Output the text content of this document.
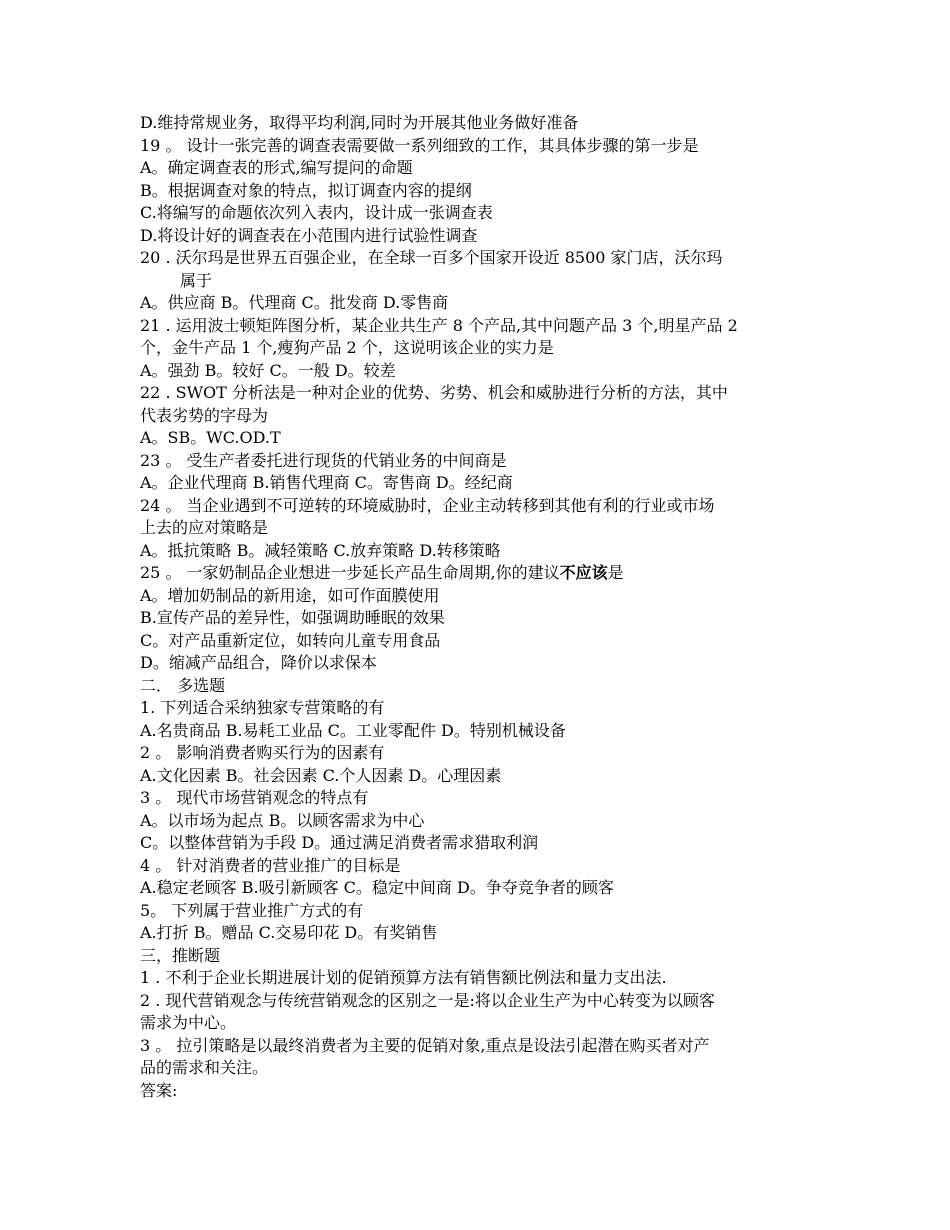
D.维持常规业务，取得平均利润,同时为开展其他业务做好准备
19 。 设计一张完善的调查表需要做一系列细致的工作，其具体步骤的第一步是
A。确定调查表的形式,编写提问的命题
B。根据调查对象的特点，拟订调查内容的提纲
C.将编写的命题依次列入表内，设计成一张调查表
D.将设计好的调查表在小范围内进行试验性调查
20 . 沃尔玛是世界五百强企业，在全球一百多个国家开设近 8500 家门店，沃尔玛
属于
A。供应商 B。代理商 C。批发商 D.零售商
21 . 运用波士顿矩阵图分析，某企业共生产 8 个产品,其中问题产品 3 个,明星产品 2
个，金牛产品 1 个,瘦狗产品 2 个，这说明该企业的实力是
A。强劲 B。较好 C。一般 D。较差
22 . SWOT 分析法是一种对企业的优势、劣势、机会和威胁进行分析的方法，其中
代表劣势的字母为
A。SB。WC.OD.T
23 。 受生产者委托进行现货的代销业务的中间商是
A。企业代理商 B.销售代理商 C。寄售商 D。经纪商
24 。 当企业遇到不可逆转的环境威胁时，企业主动转移到其他有利的行业或市场
上去的应对策略是
A。抵抗策略 B。减轻策略 C.放弃策略 D.转移策略
25 。 一家奶制品企业想进一步延长产品生命周期,你的建议不应该是
A。增加奶制品的新用途，如可作面膜使用
B.宣传产品的差异性，如强调助睡眠的效果
C。对产品重新定位，如转向儿童专用食品
D。缩减产品组合，降价以求保本
二． 多选题
1. 下列适合采纳独家专营策略的有
A.名贵商品 B.易耗工业品 C。工业零配件 D。特别机械设备
2 。 影响消费者购买行为的因素有
A.文化因素 B。社会因素 C.个人因素 D。心理因素
3 。 现代市场营销观念的特点有
A。以市场为起点 B。以顾客需求为中心
C。以整体营销为手段 D。通过满足消费者需求猎取利润
4 。 针对消费者的营业推广的目标是
A.稳定老顾客 B.吸引新顾客 C。稳定中间商 D。争夺竞争者的顾客
5。 下列属于营业推广方式的有
A.打折 B。赠品 C.交易印花 D。有奖销售
三，推断题
1 . 不利于企业长期进展计划的促销预算方法有销售额比例法和量力支出法.
2 . 现代营销观念与传统营销观念的区别之一是:将以企业生产为中心转变为以顾客
需求为中心。
3 。 拉引策略是以最终消费者为主要的促销对象,重点是设法引起潜在购买者对产
品的需求和关注。
答案:
